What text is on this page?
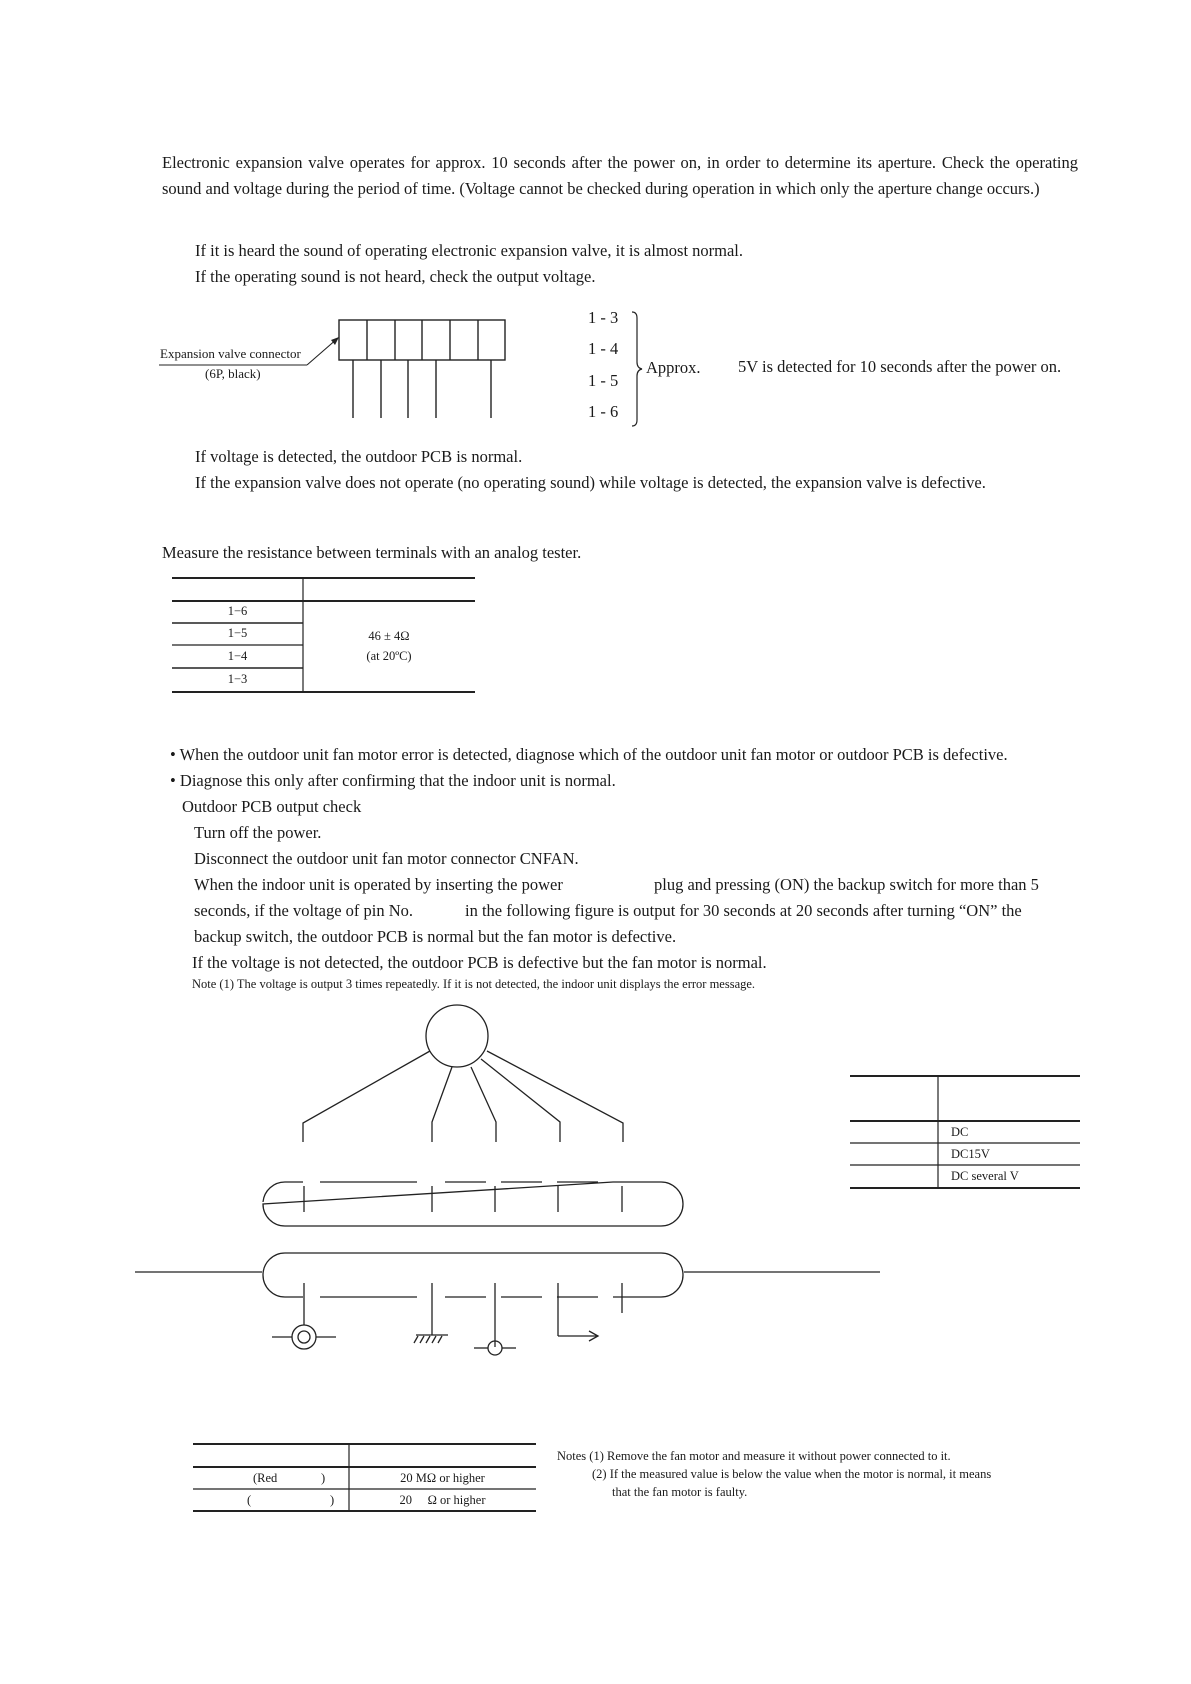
Electronic expansion valve operates for approx. 10 seconds after the power on, in order to determine its aperture. Check the operating sound and voltage during the period of time. (Voltage cannot be checked during operation in which only the aperture change occurs.)
If it is heard the sound of operating electronic expansion valve, it is almost normal.
If the operating sound is not heard, check the output voltage.
Expansion valve connector
(6P, black)
1 - 3
1 - 4
1 - 5
1 - 6
Approx. 5V is detected for 10 seconds after the power on.
If voltage is detected, the outdoor PCB is normal.
If the expansion valve does not operate (no operating sound) while voltage is detected, the expansion valve is defective.
Measure the resistance between terminals with an analog tester.
1−6
1−5
1−4
1−3
46 ± 4Ω
(at 20ºC)
• When the outdoor unit fan motor error is detected, diagnose which of the outdoor unit fan motor or outdoor PCB is defective.
• Diagnose this only after confirming that the indoor unit is normal.
Outdoor PCB output check
Turn off the power.
Disconnect the outdoor unit fan motor connector CNFAN.
When the indoor unit is operated by inserting the power	plug and pressing (ON) the backup switch for more than 5
seconds, if the voltage of pin No.	in the following figure is output for 30 seconds at 20 seconds after turning “ON” the
backup switch, the outdoor PCB is normal but the fan motor is defective.
If the voltage is not detected, the outdoor PCB is defective but the fan motor is normal.
Note (1) The voltage is output 3 times repeatedly. If it is not detected, the indoor unit displays the error message.
DC
DC15V
DC several V
(Red	)	20 MΩ or higher
(	)	20     Ω or higher
Notes (1) Remove the fan motor and measure it without power connected to it.
(2) If the measured value is below the value when the motor is normal, it means
that the fan motor is faulty.
